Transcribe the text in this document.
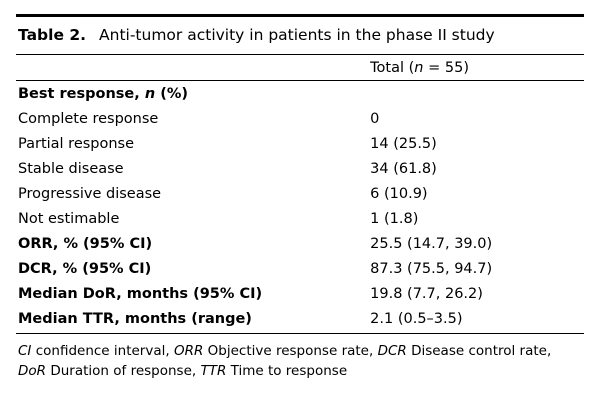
Table 2. Anti-tumor activity in patients in the phase II study
	Total (n = 55)
Best response, n (%)	
Complete response	0
Partial response	14 (25.5)
Stable disease	34 (61.8)
Progressive disease	6 (10.9)
Not estimable	1 (1.8)
ORR, % (95% CI)	25.5 (14.7, 39.0)
DCR, % (95% CI)	87.3 (75.5, 94.7)
Median DoR, months (95% CI)	19.8 (7.7, 26.2)
Median TTR, months (range)	2.1 (0.5–3.5)
CI confidence interval, ORR Objective response rate, DCR Disease control rate,
DoR Duration of response, TTR Time to response
